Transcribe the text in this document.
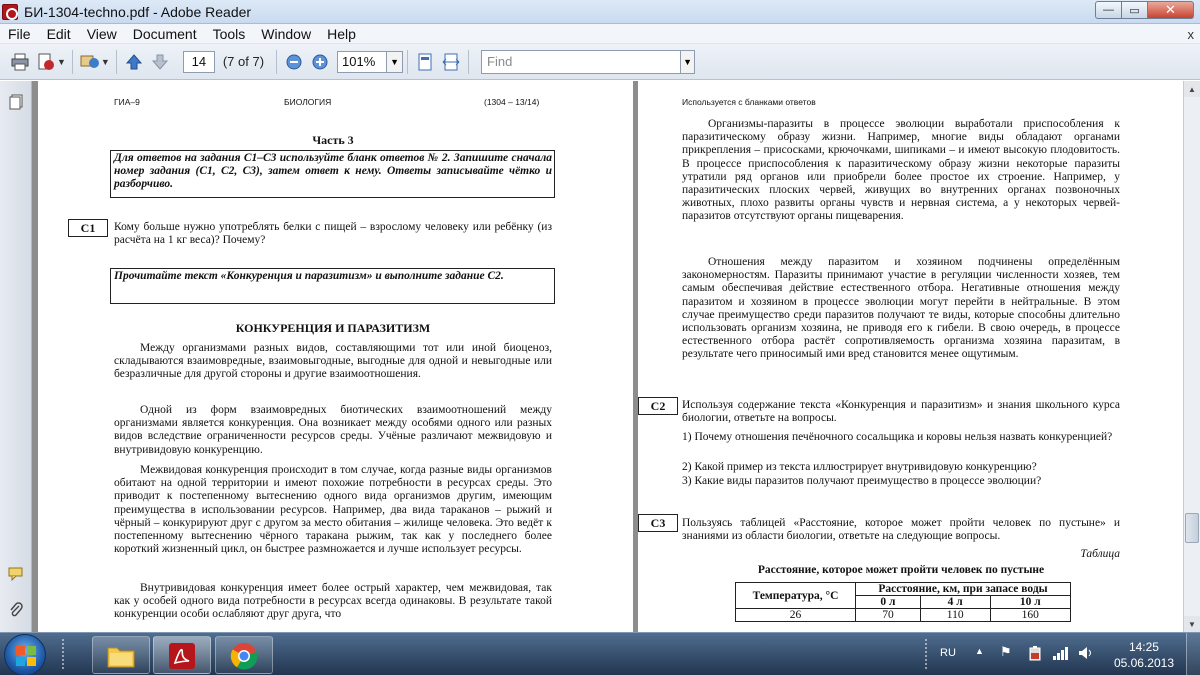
БИ-1304-techno.pdf - Adobe Reader	—	▭	✕
File	Edit	View	Document	Tools	Window	Help	x
▼	▼	14	(7 of 7)	101%	▼	Find	▼
ГИА–9	БИОЛОГИЯ	(1304 – 13/14)
Часть 3
Для ответов на задания С1–С3 используйте бланк ответов № 2. Запишите сначала номер задания (С1, С2, С3), затем ответ к нему. Ответы записывайте чётко и разборчиво.
С1	Кому больше нужно употреблять белки с пищей – взрослому человеку или ребёнку (из расчёта на 1 кг веса)? Почему?
Прочитайте текст «Конкуренция и паразитизм» и выполните задание С2.
КОНКУРЕНЦИЯ И ПАРАЗИТИЗМ
Между организмами разных видов, составляющими тот или иной биоценоз, складываются взаимовредные, взаимовыгодные, выгодные для одной и невыгодные или безразличные для другой стороны и другие взаимоотношения.
Одной из форм взаимовредных биотических взаимоотношений между организмами является конкуренция. Она возникает между особями одного или разных видов вследствие ограниченности ресурсов среды. Учёные различают межвидовую и внутривидовую конкуренцию.
Межвидовая конкуренция происходит в том случае, когда разные виды организмов обитают на одной территории и имеют похожие потребности в ресурсах среды. Это приводит к постепенному вытеснению одного вида организмов другим, имеющим преимущества в использовании ресурсов. Например, два вида тараканов – рыжий и чёрный – конкурируют друг с другом за место обитания – жилище человека. Это ведёт к постепенному вытеснению чёрного таракана рыжим, так как у последнего более короткий жизненный цикл, он быстрее размножается и лучше использует ресурсы.
Внутривидовая конкуренция имеет более острый характер, чем межвидовая, так как у особей одного вида потребности в ресурсах всегда одинаковы. В результате такой конкуренции особи ослабляют друг друга, что
Используется с бланками ответов
Организмы-паразиты в процессе эволюции выработали приспособления к паразитическому образу жизни. Например, многие виды обладают органами прикрепления – присосками, крючочками, шипиками – и имеют высокую плодовитость. В процессе приспособления к паразитическому образу жизни некоторые паразиты утратили ряд органов или приобрели более простое их строение. Например, у паразитических плоских червей, живущих во внутренних органах позвоночных животных, плохо развиты органы чувств и нервная система, а у некоторых червей-паразитов отсутствуют органы пищеварения.
Отношения между паразитом и хозяином подчинены определённым закономерностям. Паразиты принимают участие в регуляции численности хозяев, тем самым обеспечивая действие естественного отбора. Негативные отношения между паразитом и хозяином в процессе эволюции могут перейти в нейтральные. В этом случае преимущество среди паразитов получают те виды, которые способны длительно использовать организм хозяина, не приводя его к гибели. В свою очередь, в процессе естественного отбора растёт сопротивляемость организма хозяина паразитам, в результате чего приносимый ими вред становится менее ощутимым.
С2	Используя содержание текста «Конкуренция и паразитизм» и знания школьного курса биологии, ответьте на вопросы.
1) Почему отношения печёночного сосальщика и коровы нельзя назвать конкуренцией?
2) Какой пример из текста иллюстрирует внутривидовую конкуренцию?
3) Какие виды паразитов получают преимущество в процессе эволюции?
С3	Пользуясь таблицей «Расстояние, которое может пройти человек по пустыне» и знаниями из области биологии, ответьте на следующие вопросы.
Таблица
Расстояние, которое может пройти человек по пустыне
Температура, °С	Расстояние, км, при запасе воды		
	0 л	4 л	10 л
26	70	110	160
▲
▼
RU ▲ ⚑	14:25
05.06.2013
